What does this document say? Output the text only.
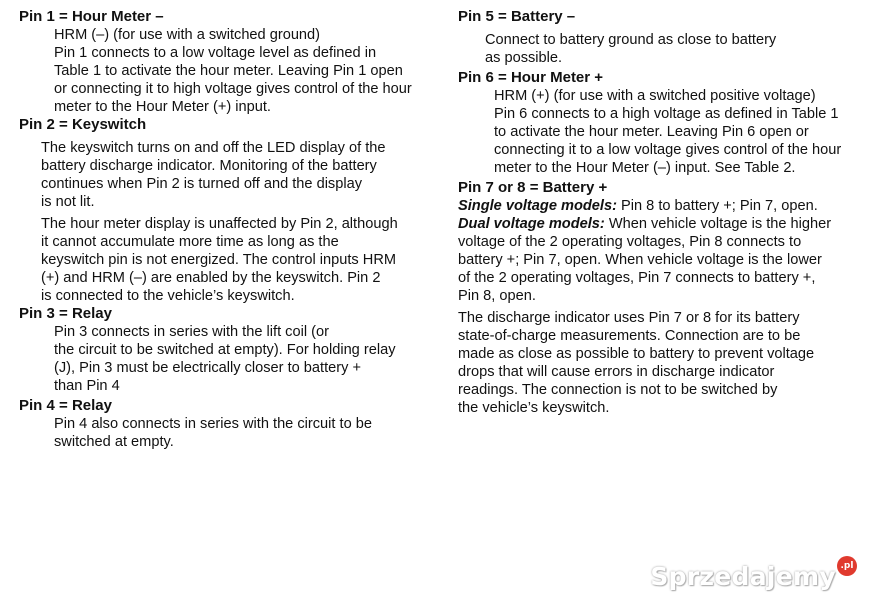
Pin 1 = Hour Meter –

HRM (–) (for use with a switched ground)

Pin 1 connects to a low voltage level as defined in

Table 1 to activate the hour meter. Leaving Pin 1 open

or connecting it to high voltage gives control of the hour

meter to the Hour Meter (+) input.

Pin 2 = Keyswitch

The keyswitch turns on and off the LED display of the

battery discharge indicator. Monitoring of the battery

continues when Pin 2 is turned off and the display

is not lit.

The hour meter display is unaffected by Pin 2, although

it cannot accumulate more time as long as the

keyswitch pin is not energized. The control inputs HRM

(+) and HRM (–) are enabled by the keyswitch. Pin 2

is connected to the vehicle’s keyswitch.

Pin 3 = Relay

Pin 3 connects in series with the lift coil (or

the circuit to be switched at empty). For holding relay

(J), Pin 3 must be electrically closer to battery +

than Pin 4

Pin 4 = Relay

Pin 4 also connects in series with the circuit to be

switched at empty.

Pin 5 = Battery –

Connect to battery ground as close to battery

as possible.

Pin 6 = Hour Meter +

HRM (+) (for use with a switched positive voltage)

Pin 6 connects to a high voltage as defined in Table 1

to activate the hour meter. Leaving Pin 6 open or

connecting it to a low voltage gives control of the hour

meter to the Hour Meter (–) input. See Table 2.

Pin 7 or 8 = Battery +

Single voltage models: Pin 8 to battery +; Pin 7, open.

Dual voltage models: When vehicle voltage is the higher

voltage of the 2 operating voltages, Pin 8 connects to

battery +; Pin 7, open. When vehicle voltage is the lower

of the 2 operating voltages, Pin 7 connects to battery +,

Pin 8, open.

The discharge indicator uses Pin 7 or 8 for its battery

state-of-charge measurements. Connection are to be

made as close as possible to battery to prevent voltage

drops that will cause errors in discharge indicator

readings. The connection is not to be switched by

the vehicle’s keyswitch.

Sprzedajemy .pl
